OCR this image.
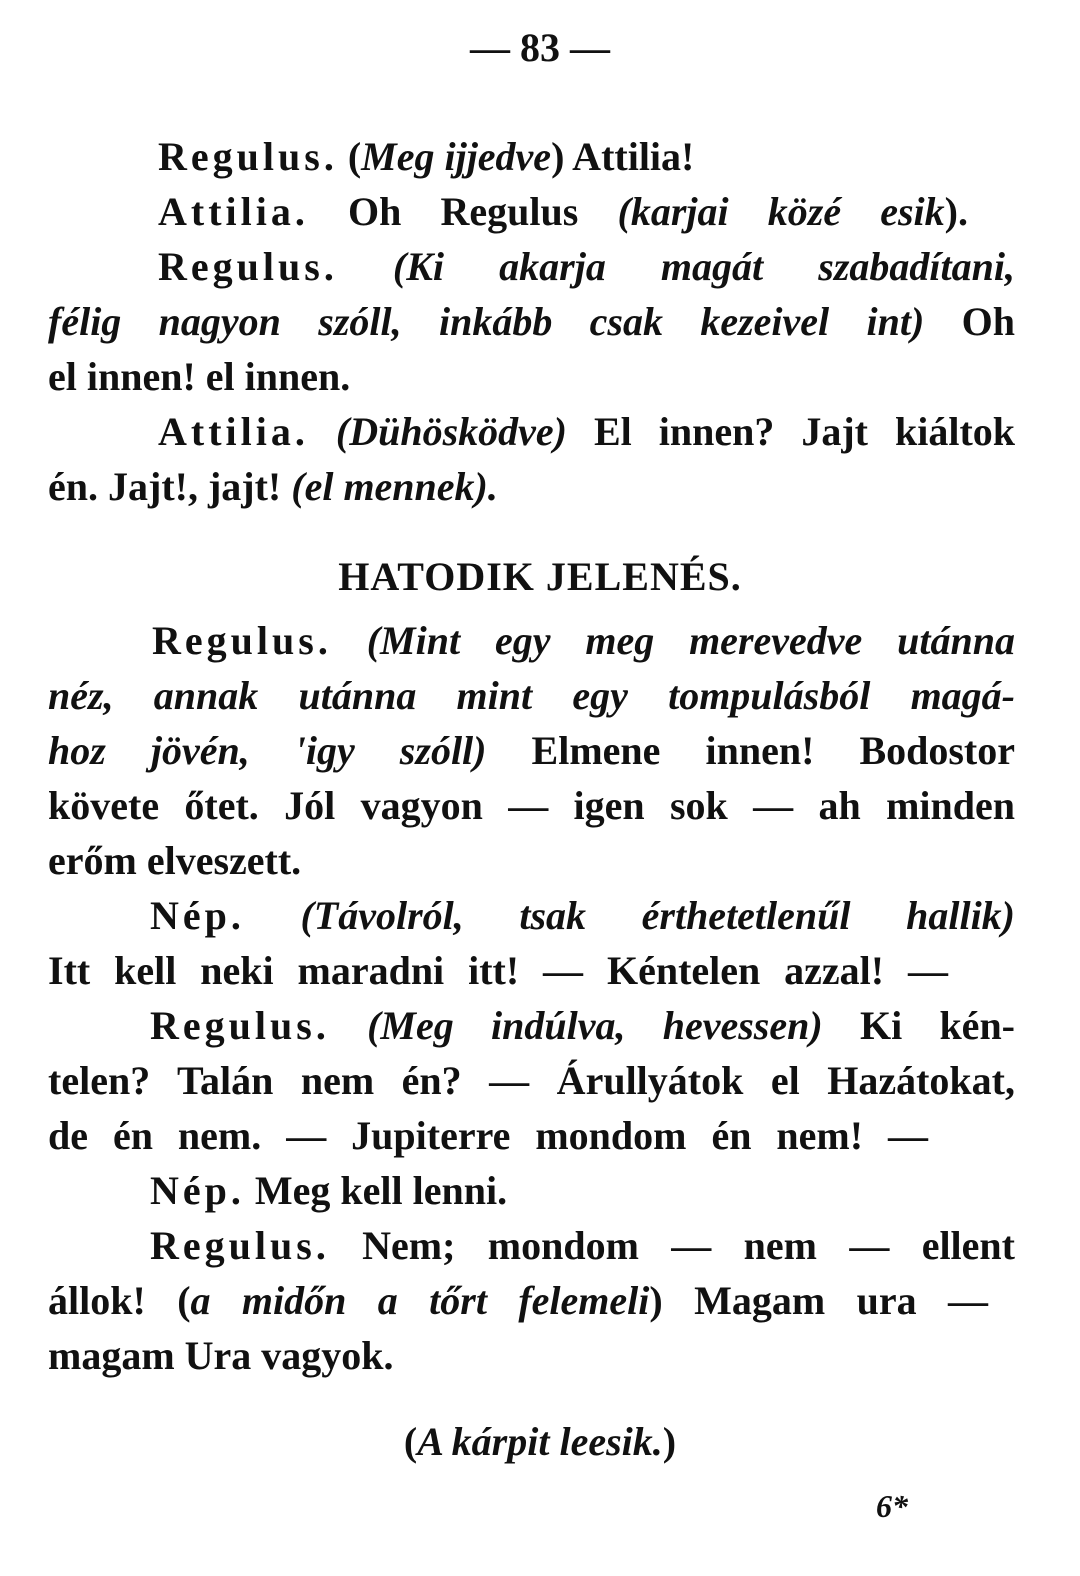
— 83 —
Regulus. (Meg ijjedve) Attilia!
Attilia. Oh Regulus (karjai közé esik).
Regulus. (Ki akarja magát szabadítani,
félig nagyon szóll, inkább csak kezeivel int) Oh
el innen! el innen.
Attilia. (Dühösködve) El innen? Jajt kiáltok
én. Jajt!, jajt! (el mennek).
HATODIK JELENÉS.
Regulus. (Mint egy meg merevedve utánna
néz, annak utánna mint egy tompulásból magá-
hoz jövén, 'igy szóll) Elmene innen! Bodostor
követe őtet. Jól vagyon — igen sok — ah minden
erőm elveszett.
Nép. (Távolról, tsak érthetetlenűl hallik)
Itt kell neki maradni itt! — Kéntelen azzal! —
Regulus. (Meg indúlva, hevessen) Ki kén-
telen? Talán nem én? — Árullyátok el Hazátokat,
de én nem. — Jupiterre mondom én nem! —
Nép. Meg kell lenni.
Regulus. Nem; mondom — nem — ellent
állok! (a midőn a tőrt felemeli) Magam ura —
magam Ura vagyok.
(A kárpit leesik.)
6*
